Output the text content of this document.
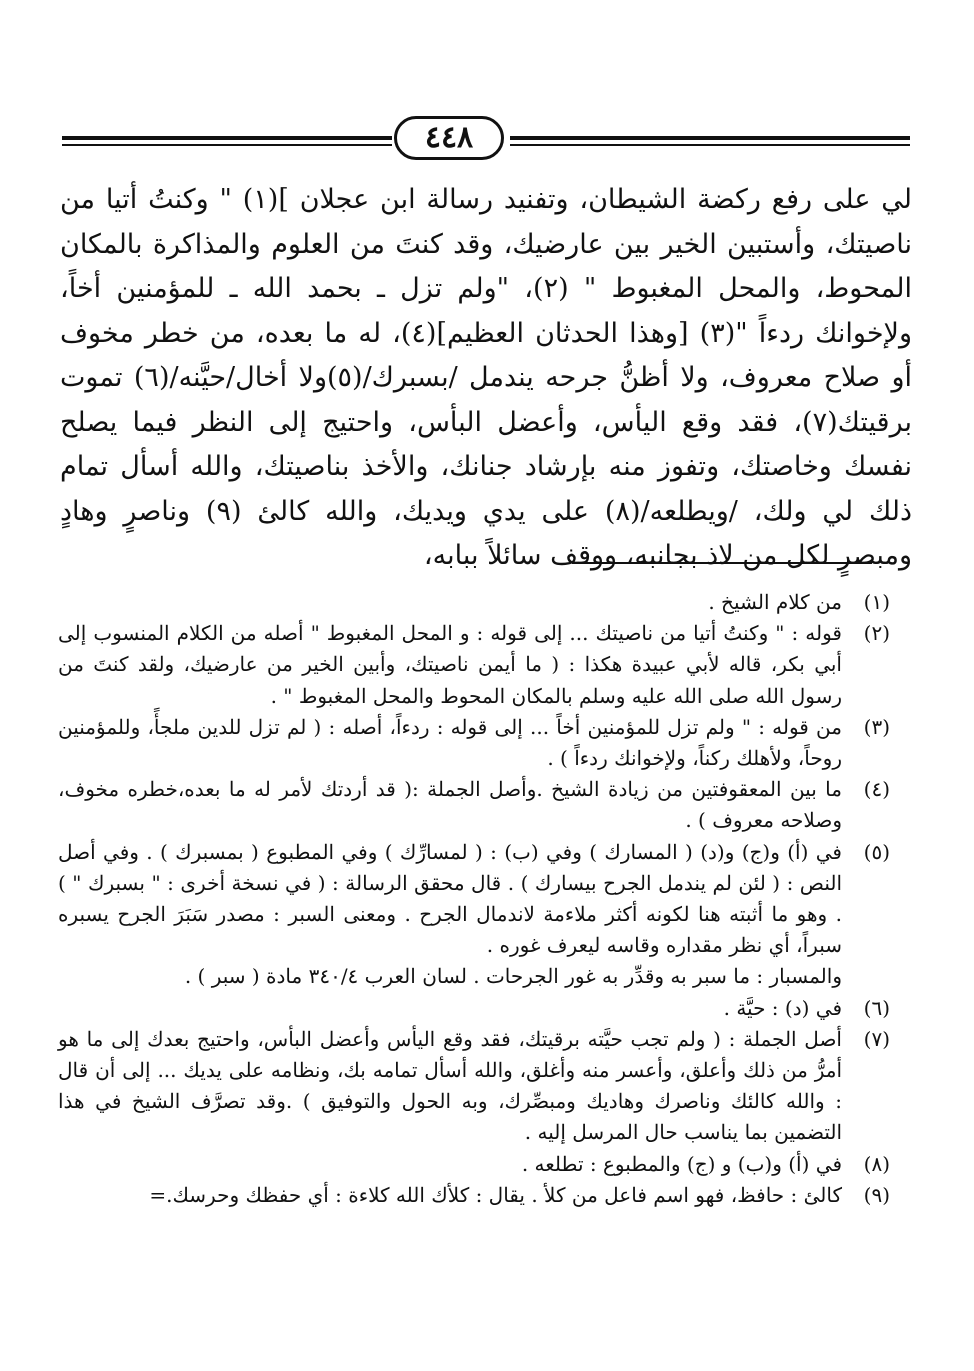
٤٤٨

لي على رفع ركضة الشيطان، وتفنيد رسالة ابن عجلان ](١) " وكنتُ أتيا من ناصيتك، وأستبين الخير بين عارضيك، وقد كنتَ من العلوم والمذاكرة بالمكان المحوط، والمحل المغبوط " (٢)، "ولم تزل ـ بحمد الله ـ للمؤمنين أخاً، ولإخوانك ردءاً "(٣) [وهذا الحدثان العظيم](٤)، له ما بعده، من خطر مخوف أو صلاح معروف، ولا أظنُّ جرحه يندمل /بسبرك/(٥)ولا أخال/حيَّنه/(٦) تموت برقيتك(٧)، فقد وقع اليأس، وأعضل البأس، واحتيج إلى النظر فيما يصلح نفسك وخاصتك، وتفوز منه بإرشاد جنانك، والأخذ بناصيتك، والله أسأل تمام ذلك لي ولك، /ويطلعه/(٨) على يدي ويديك، والله كالئ (٩) وناصرٍ وهادٍ ومبصرٍ لكل من لاذ بجانبه، ووقف سائلاً ببابه،

(١)

من كلام الشيخ .

(٢)

قوله : " وكنتُ أتيا من ناصيتك ... إلى قوله : و المحل المغبوط " أصله من الكلام المنسوب إلى أبي بكر، قاله لأبي عبيدة هكذا : ( ما أيمن ناصيتك، وأبين الخير من عارضيك، ولقد كنتَ من رسول الله صلى الله عليه وسلم بالمكان المحوط والمحل المغبوط " .

(٣)

من قوله : " ولم تزل للمؤمنين أخاً ... إلى قوله : ردءاً، أصله : ( لم تزل للدين ملجأً، وللمؤمنين روحاً، ولأهلك ركناً، ولإخوانك ردءاً ) .

(٤)

ما بين المعقوفتين من زيادة الشيخ .وأصل الجملة :( قد أردتك لأمر له ما بعده،خطره مخوف، وصلاحه معروف ) .

(٥)

في (أ) و(ج) و(د) ( المسارك ) وفي (ب) : ( لمسارِّك ) وفي المطبوع ( بمسبرك ) . وفي أصل النص : ( لئن لم يندمل الجرح بيسارك ) . قال محقق الرسالة : ( في نسخة أخرى : " بسبرك " ) . وهو ما أثبته هنا لكونه أكثر ملاءمة لاندمال الجرح . ومعنى السبر : مصدر سَبَرَ الجرح يسبره سبراً، أي نظر مقداره وقاسه ليعرف غوره .

والمسبار : ما سبر به وقدِّر به غور الجرحات . لسان العرب ٣٤٠/٤ مادة ( سبر ) .

(٦)

في (د) : حيَّة .

(٧)

أصل الجملة : ( ولم تجب حيَّته برقيتك، فقد وقع اليأس وأعضل البأس، واحتيج بعدك إلى ما هو أمرُّ من ذلك وأعلق، وأعسر منه وأغلق، والله أسأل تمامه بك، ونظامه على يديك ... إلى أن قال : والله كالئك وناصرك وهاديك ومبصِّرك، وبه الحول والتوفيق ) .وقد تصرَّف الشيخ في هذا التضمين بما يناسب حال المرسل إليه .

(٨)

في (أ) و(ب) و (ج) والمطبوع : تطلعه .

(٩)

كالئ : حافظ، فهو اسم فاعل من كلأ . يقال : كلأك الله كلاءة : أي حفظك وحرسك.=
